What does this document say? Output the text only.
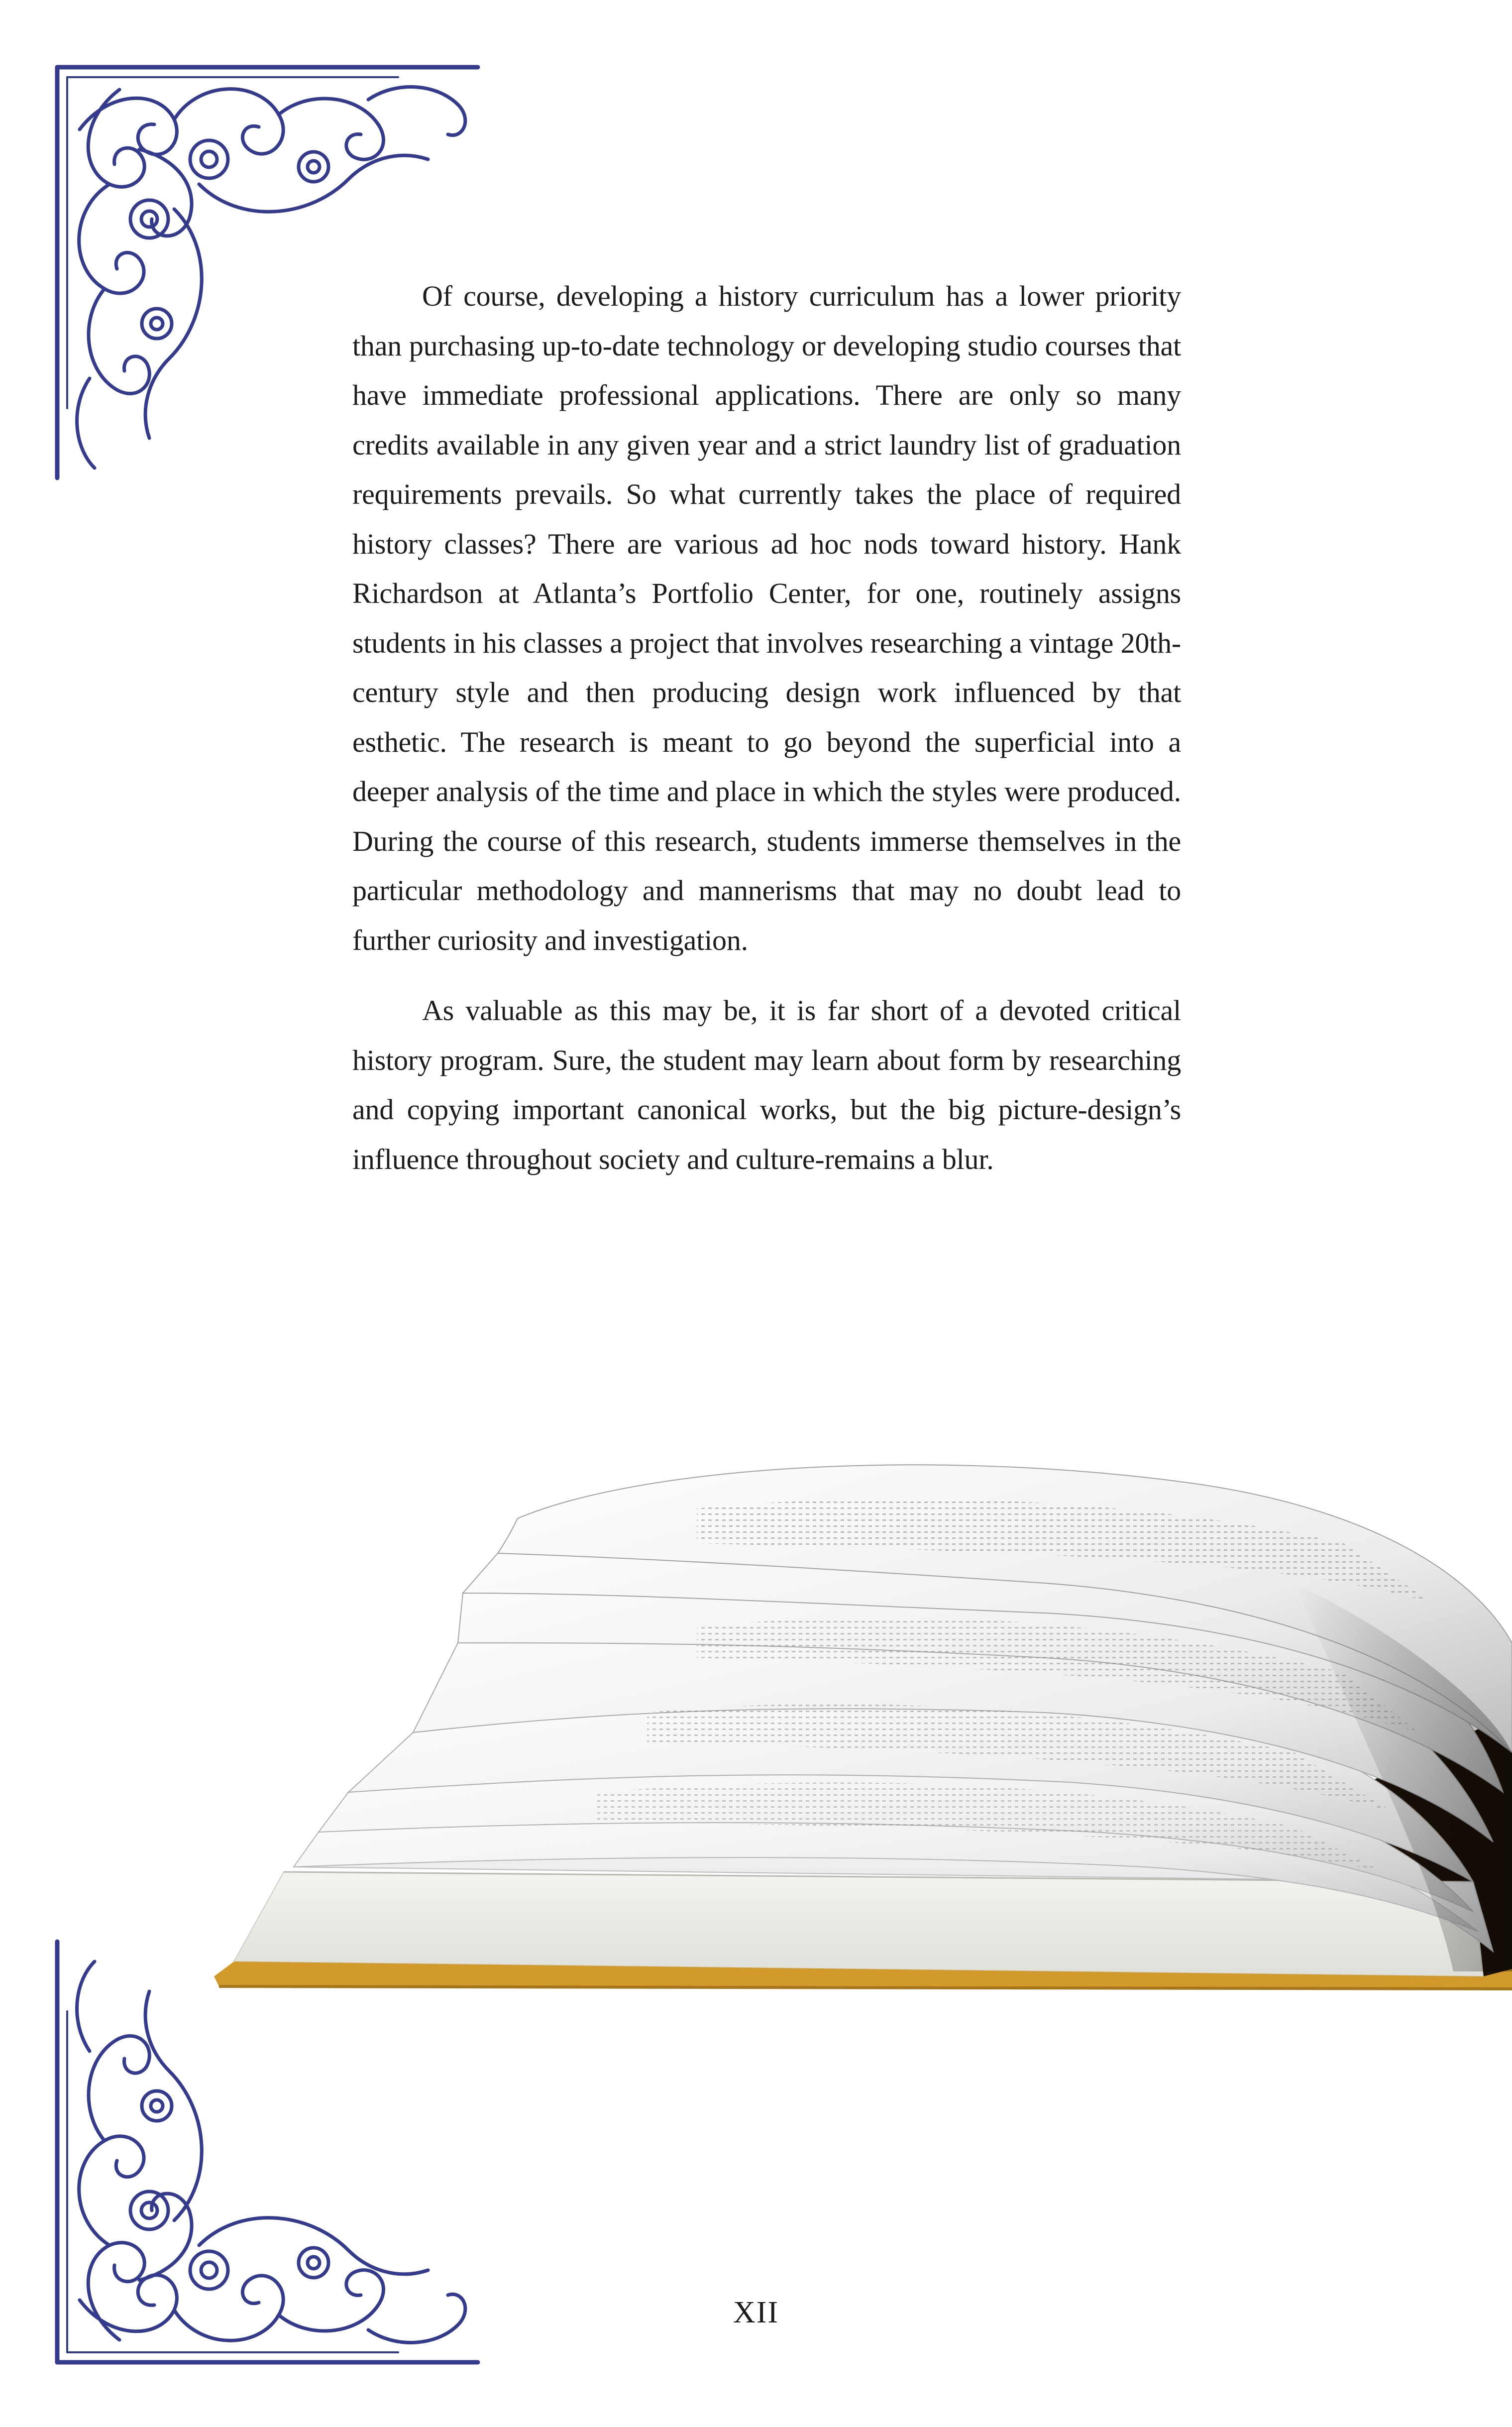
Of course, developing a history curriculum has a lower priority than purchasing up-to-date technology or developing studio courses that have immediate professional applications. There are only so many credits available in any given year and a strict laundry list of graduation requirements prevails. So what currently takes the place of required history classes? There are various ad hoc nods toward history. Hank Richardson at Atlanta’s Portfolio Center, for one, routinely assigns students in his classes a project that involves researching a vintage 20th-century style and then producing design work influenced by that esthetic. The research is meant to go beyond the superficial into a deeper analysis of the time and place in which the styles were produced. During the course of this research, students immerse themselves in the particular methodology and mannerisms that may no doubt lead to further curiosity and investigation.

As valuable as this may be, it is far short of a devoted critical history program. Sure, the student may learn about form by researching and copying important canonical works, but the big picture-design’s influence throughout society and culture-remains a blur.

XII
